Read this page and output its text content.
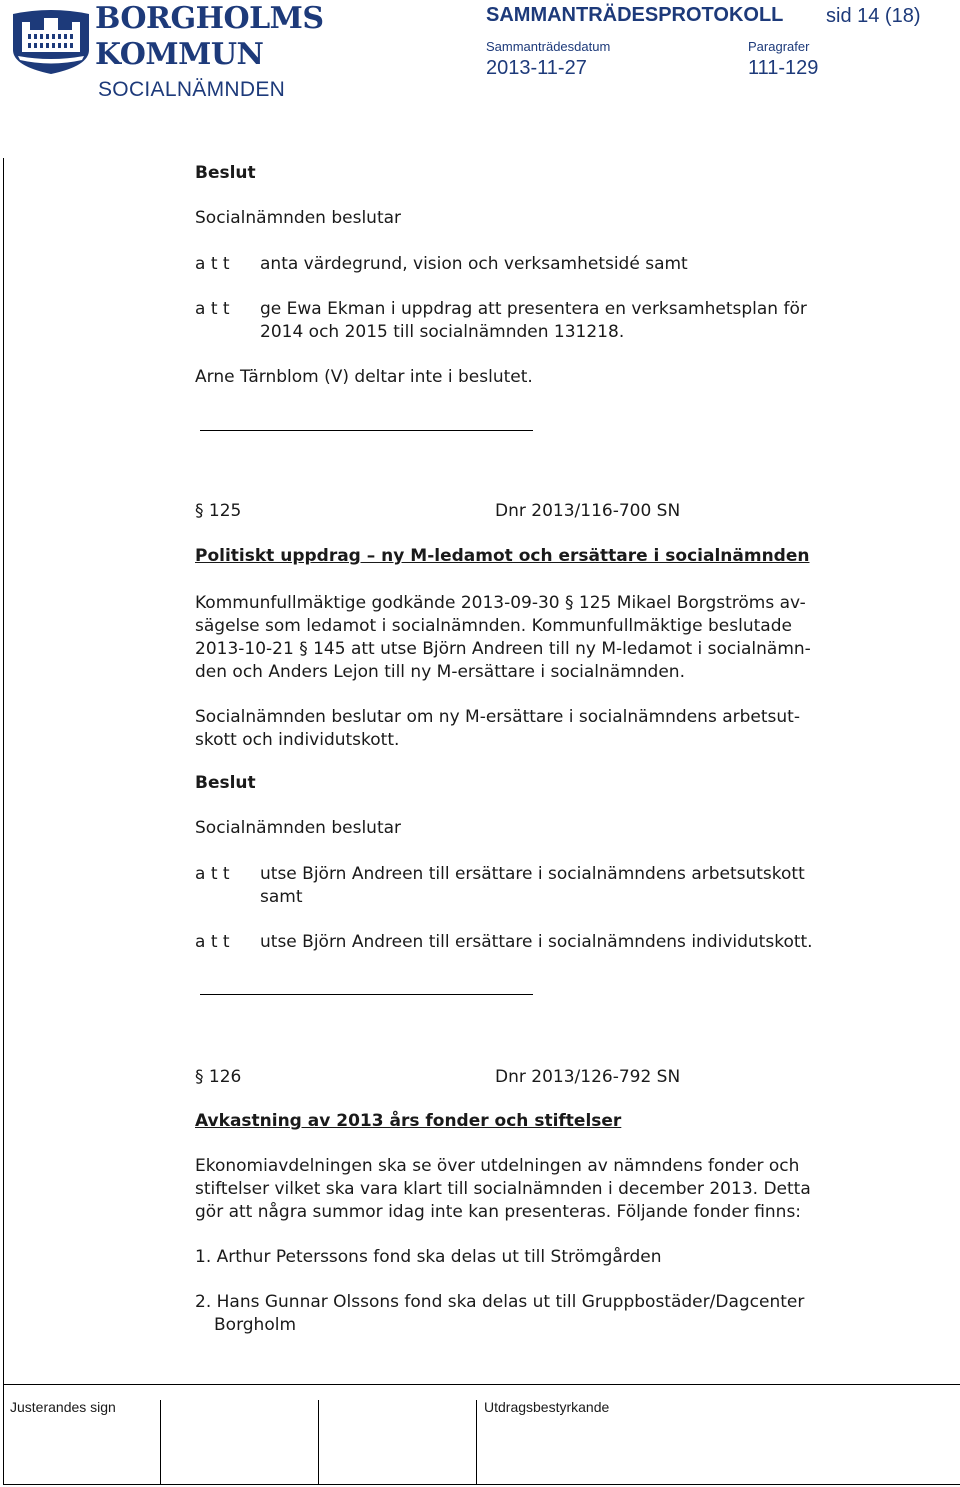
BORGHOLMS
KOMMUN
SOCIALNÄMNDEN
SAMMANTRÄDESPROTOKOLL sid 14 (18)
Sammanträdesdatum
2013-11-27
Paragrafer
111-129
Beslut
Socialnämnden beslutar
a t t anta värdegrund, vision och verksamhetsidé samt
a t t ge Ewa Ekman i uppdrag att presentera en verksamhetsplan för
2014 och 2015 till socialnämnden 131218.
Arne Tärnblom (V) deltar inte i beslutet.
§ 125	Dnr 2013/116-700 SN
Politiskt uppdrag – ny M-ledamot och ersättare i socialnämnden
Kommunfullmäktige godkände 2013-09-30 § 125 Mikael Borgströms av-
sägelse som ledamot i socialnämnden. Kommunfullmäktige beslutade
2013-10-21 § 145 att utse Björn Andreen till ny M-ledamot i socialnämn-
den och Anders Lejon till ny M-ersättare i socialnämnden.
Socialnämnden beslutar om ny M-ersättare i socialnämndens arbetsut-
skott och individutskott.
Beslut
Socialnämnden beslutar
a t t utse Björn Andreen till ersättare i socialnämndens arbetsutskott
samt
a t t utse Björn Andreen till ersättare i socialnämndens individutskott.
§ 126	Dnr 2013/126-792 SN
Avkastning av 2013 års fonder och stiftelser
Ekonomiavdelningen ska se över utdelningen av nämndens fonder och
stiftelser vilket ska vara klart till socialnämnden i december 2013. Detta
gör att några summor idag inte kan presenteras. Följande fonder finns:
1. Arthur Peterssons fond ska delas ut till Strömgården
2. Hans Gunnar Olssons fond ska delas ut till Gruppbostäder/Dagcenter
Borgholm
Justerandes sign	Utdragsbestyrkande
